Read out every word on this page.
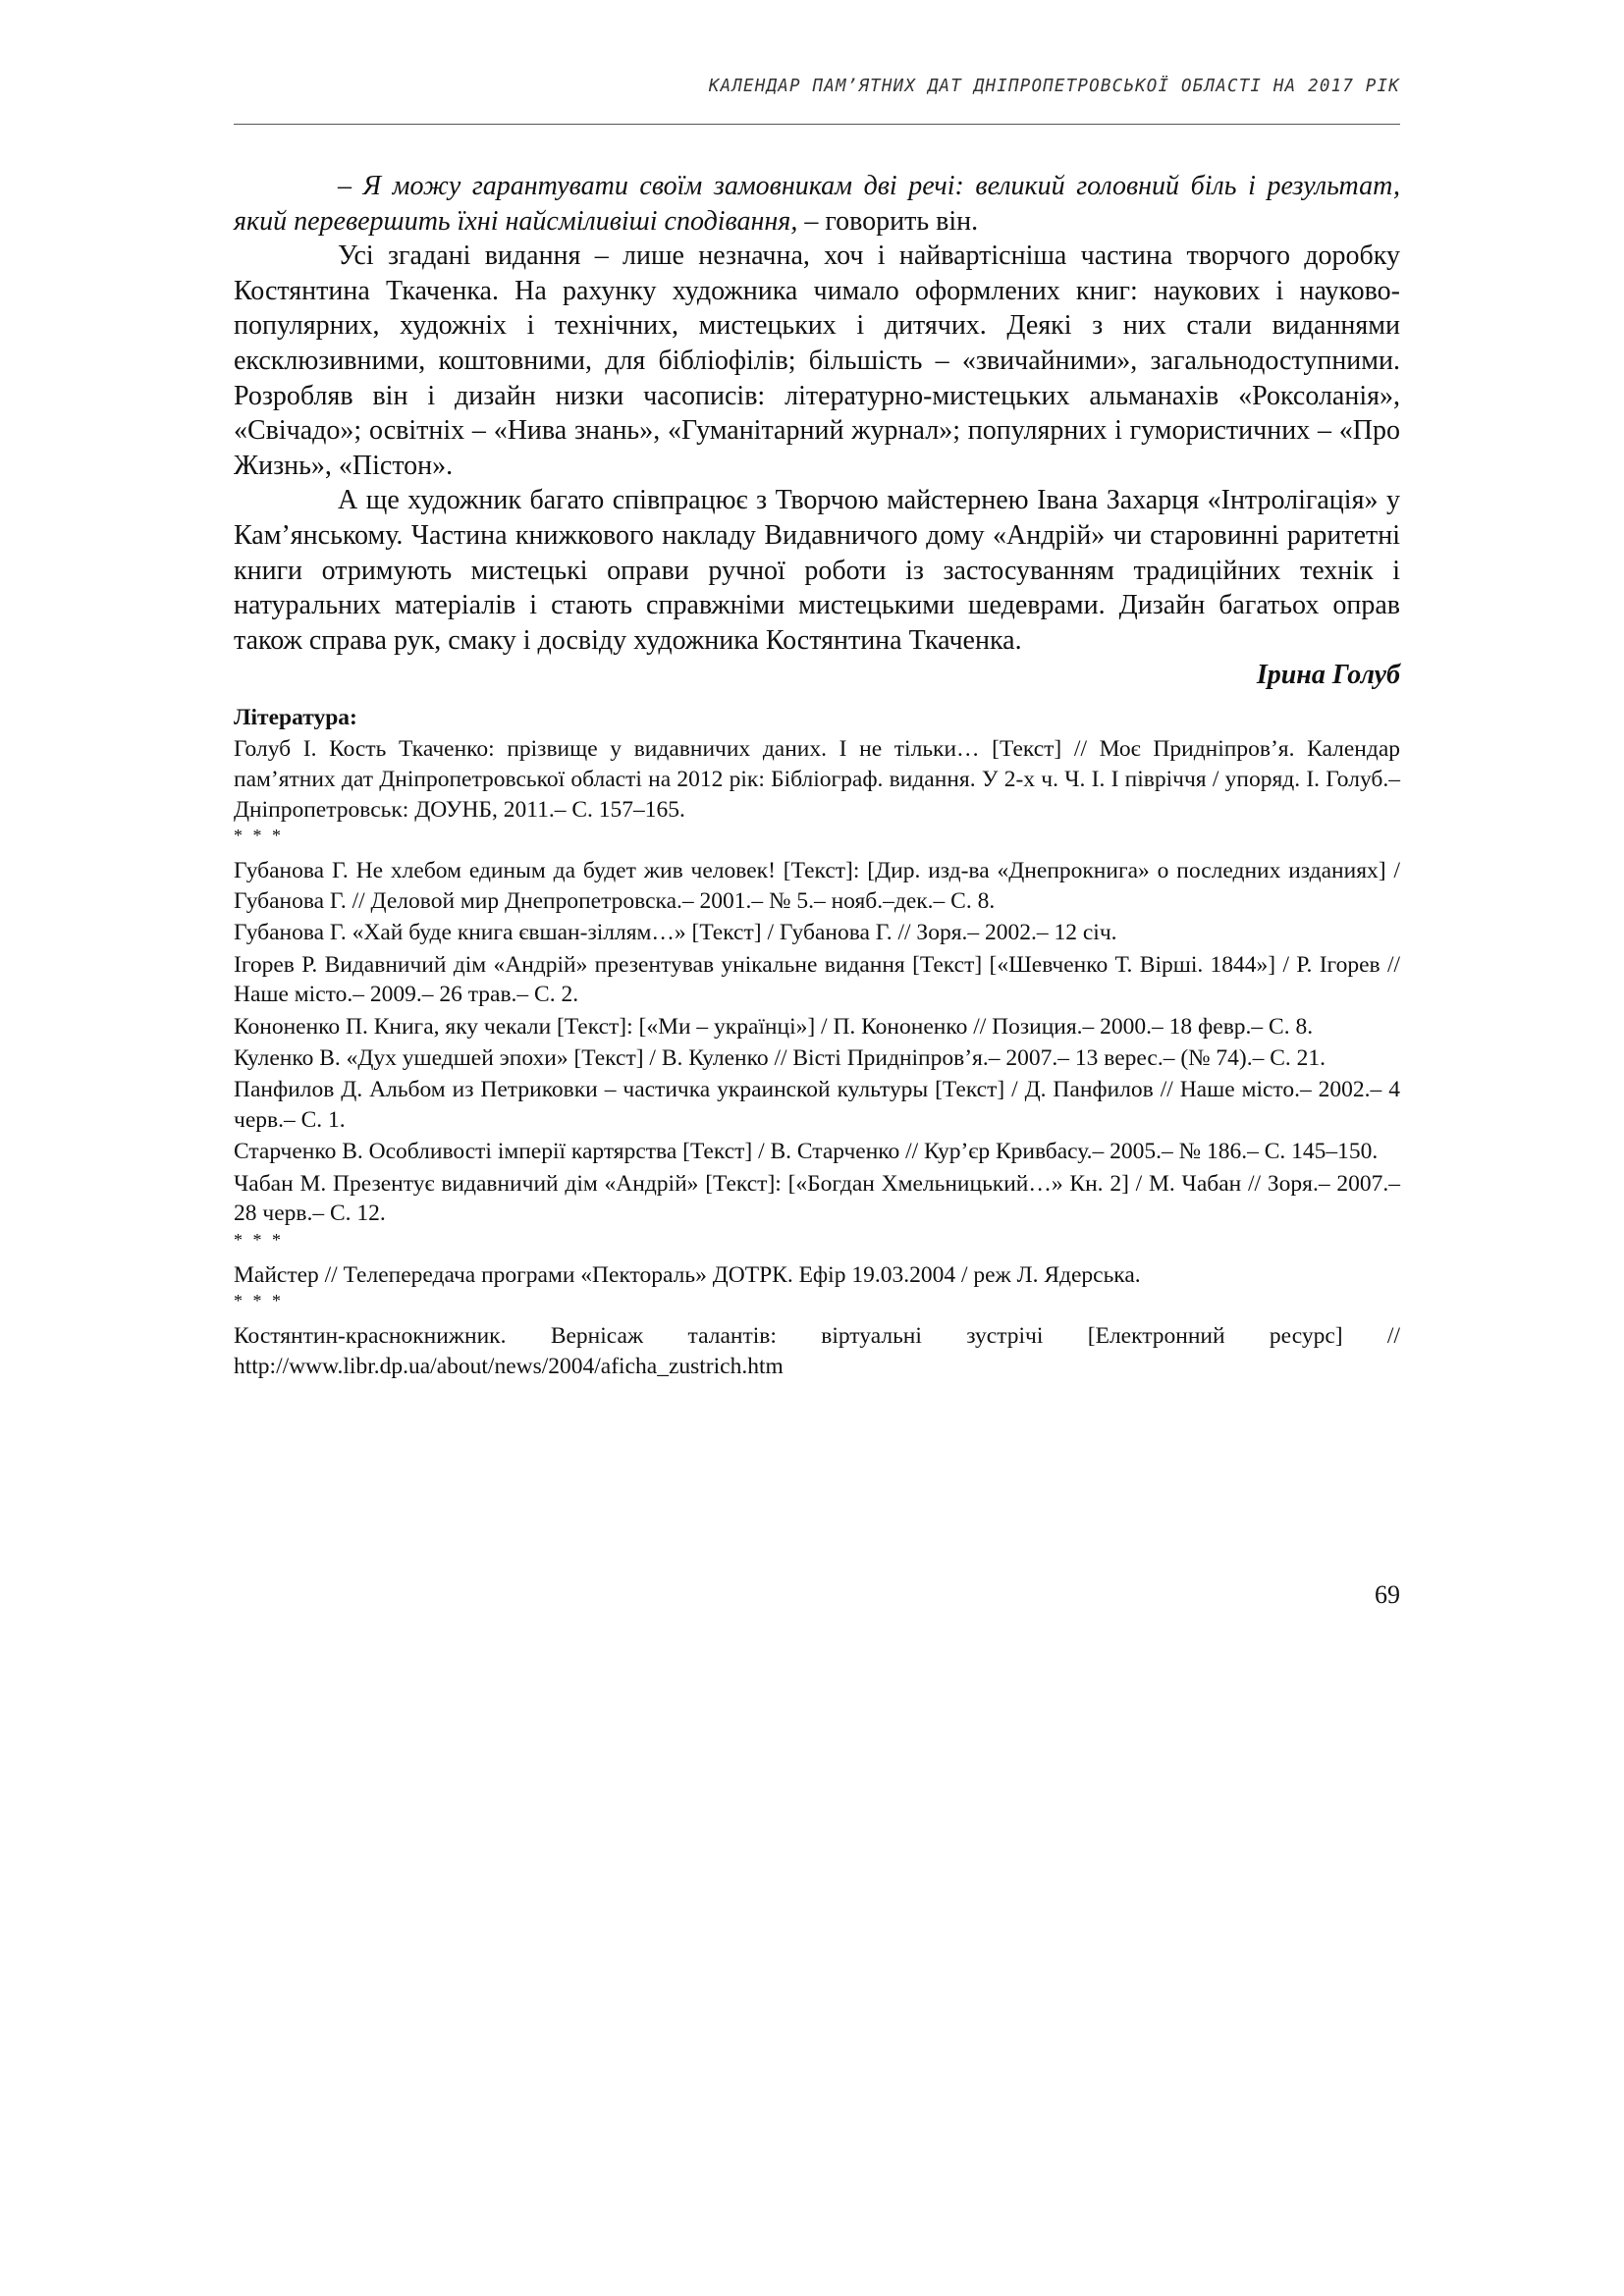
КАЛЕНДАР ПАМ’ЯТНИХ ДАТ ДНІПРОПЕТРОВСЬКОЇ ОБЛАСТІ НА 2017 РІК

– Я можу гарантувати своїм замовникам дві речі: великий головний біль і результат, який перевершить їхні найсміливіші сподівання, – говорить він.

Усі згадані видання – лише незначна, хоч і найвартісніша частина творчого доробку Костянтина Ткаченка. На рахунку художника чимало оформлених книг: наукових і науково-популярних, художніх і технічних, мистецьких і дитячих. Деякі з них стали виданнями ексклюзивними, коштовними, для бібліофілів; більшість – «звичайними», загальнодоступними. Розробляв він і дизайн низки часописів: літературно-мистецьких альманахів «Роксоланія», «Свічадо»; освітніх – «Нива знань», «Гуманітарний журнал»; популярних і гумористичних – «Про Жизнь», «Пістон».

А ще художник багато співпрацює з Творчою майстернею Івана Захарця «Інтролігація» у Кам’янському. Частина книжкового накладу Видавничого дому «Андрій» чи старовинні раритетні книги отримують мистецькі оправи ручної роботи із застосуванням традиційних технік і натуральних матеріалів і стають справжніми мистецькими шедеврами. Дизайн багатьох оправ також справа рук, смаку і досвіду художника Костянтина Ткаченка.

Ірина Голуб

Література:

Голуб І. Кость Ткаченко: прізвище у видавничих даних. І не тільки… [Текст] // Моє Придніпров’я. Календар пам’ятних дат Дніпропетровської області на 2012 рік: Бібліограф. видання. У 2-х ч. Ч. І. І півріччя / упоряд. І. Голуб.– Дніпропетровськ: ДОУНБ, 2011.– С. 157–165.

* * *

Губанова Г. Не хлебом единым да будет жив человек! [Текст]: [Дир. изд-ва «Днепрокнига» о последних изданиях] / Губанова Г. // Деловой мир Днепропетровска.– 2001.– № 5.– нояб.–дек.– С. 8.

Губанова Г. «Хай буде книга євшан-зіллям…» [Текст] / Губанова Г. // Зоря.– 2002.– 12 січ.

Ігорев Р. Видавничий дім «Андрій» презентував унікальне видання [Текст] [«Шевченко Т. Вірші. 1844»] / Р. Ігорев // Наше місто.– 2009.– 26 трав.– С. 2.

Кононенко П. Книга, яку чекали [Текст]: [«Ми – українці»] / П. Кононенко // Позиция.– 2000.– 18 февр.– С. 8.

Куленко В. «Дух ушедшей эпохи» [Текст] / В. Куленко // Вісті Придніпров’я.– 2007.– 13 верес.– (№ 74).– С. 21.

Панфилов Д. Альбом из Петриковки – частичка украинской культуры [Текст] / Д. Панфилов // Наше місто.– 2002.– 4 черв.– С. 1.

Старченко В. Особливості імперії картярства [Текст] / В. Старченко // Кур’єр Кривбасу.– 2005.– № 186.– С. 145–150.

Чабан М. Презентує видавничий дім «Андрій» [Текст]: [«Богдан Хмельницький…» Кн. 2] / М. Чабан // Зоря.– 2007.– 28 черв.– С. 12.

* * *

Майстер // Телепередача програми «Пектораль» ДОТРК. Ефір 19.03.2004 / реж Л. Ядерська.

* * *

Костянтин-краснокнижник. Вернісаж талантів: віртуальні зустрічі [Електронний ресурс] // http://www.libr.dp.ua/about/news/2004/aficha_zustrich.htm

69
